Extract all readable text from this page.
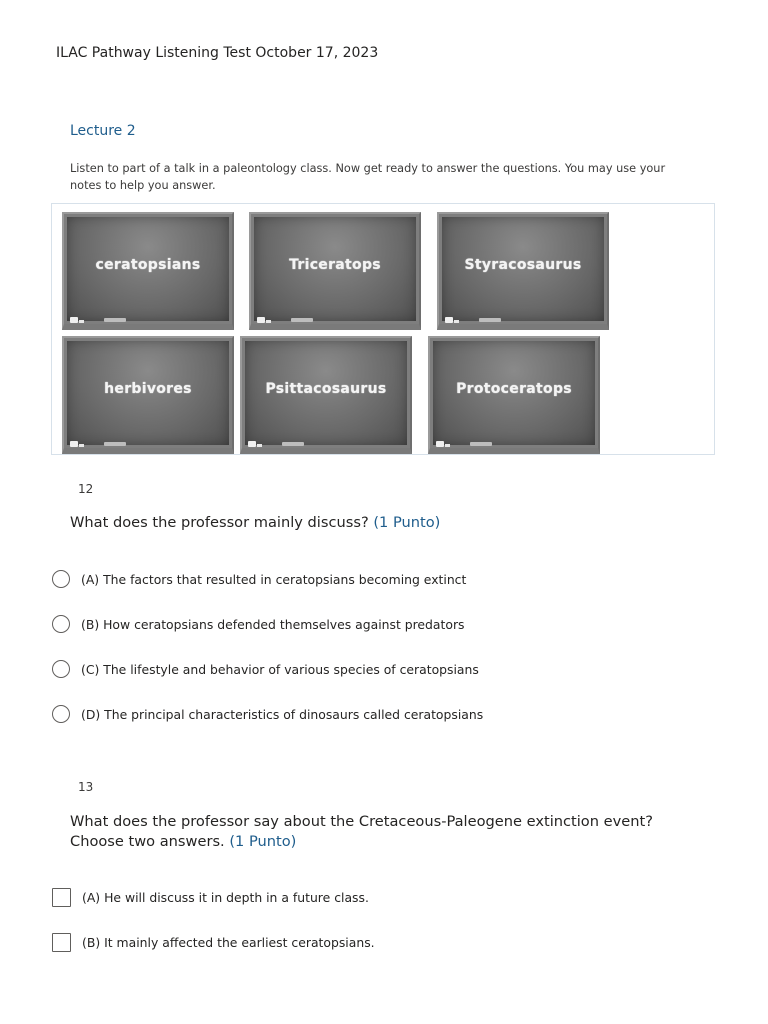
ILAC Pathway Listening Test October 17, 2023
Lecture 2
Listen to part of a talk in a paleontology class. Now get ready to answer the questions. You may use your notes to help you answer.
ceratopsians	Triceratops	Styracosaurus
herbivores	Psittacosaurus	Protoceratops
12
What does the professor mainly discuss? (1 Punto)
(A) The factors that resulted in ceratopsians becoming extinct
(B) How ceratopsians defended themselves against predators
(C) The lifestyle and behavior of various species of ceratopsians
(D) The principal characteristics of dinosaurs called ceratopsians
13
What does the professor say about the Cretaceous-Paleogene extinction event? Choose two answers. (1 Punto)
(A) He will discuss it in depth in a future class.
(B) It mainly affected the earliest ceratopsians.
